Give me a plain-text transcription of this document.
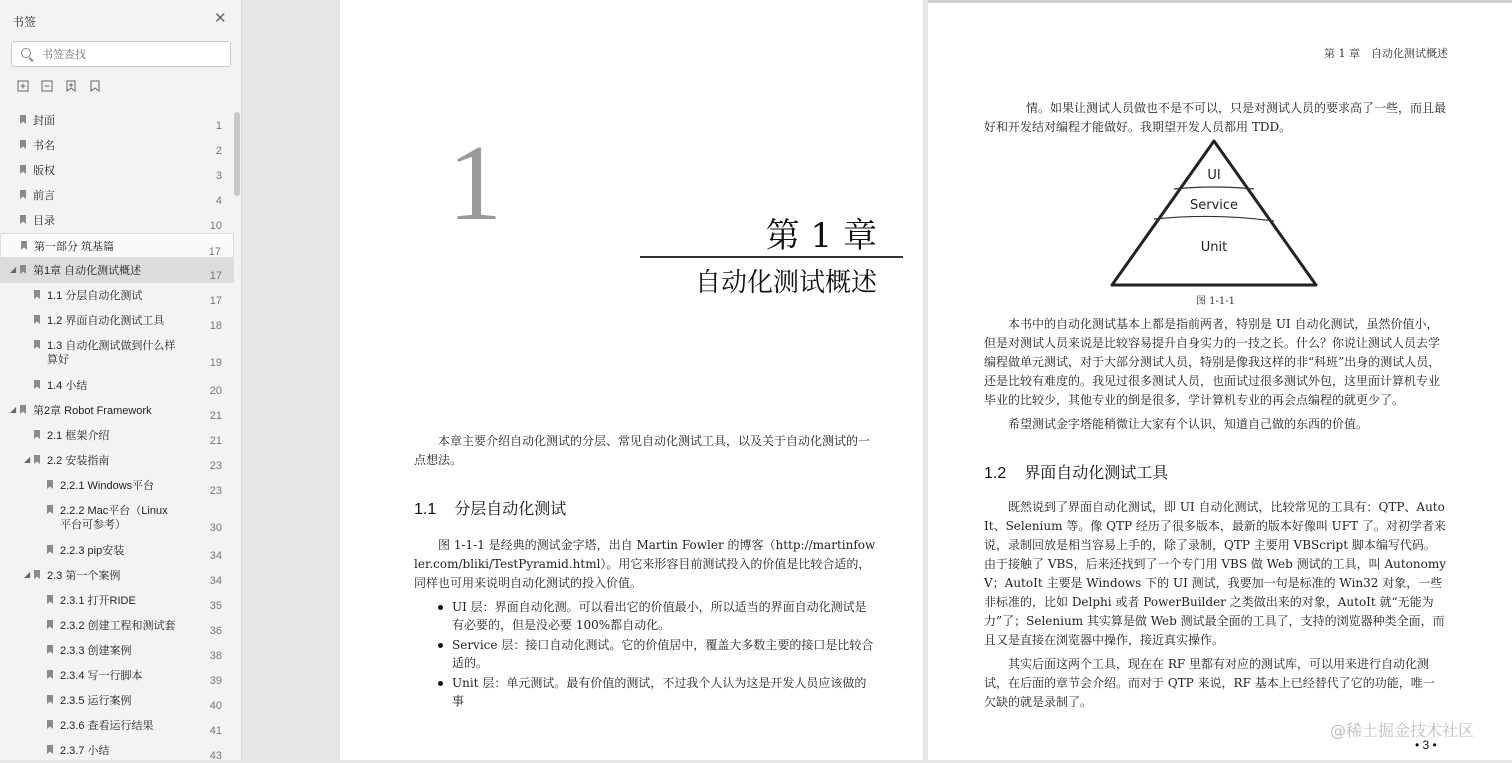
书签	✕
书签查找
封面	1
书名	2
版权	3
前言	4
目录	10
第一部分 筑基篇	17
◢ 第1章 自动化测试概述	17
1.1 分层自动化测试	17
1.2 界面自动化测试工具	18
1.3 自动化测试做到什么样
算好	19
1.4 小结	20
◢ 第2章 Robot Framework	21
2.1 框架介绍	21
◢ 2.2 安装指南	23
2.2.1 Windows平台	23
2.2.2 Mac平台（Linux
平台可参考）	30
2.2.3 pip安装	34
◢ 2.3 第一个案例	34
2.3.1 打开RIDE	35
2.3.2 创建工程和测试套	36
2.3.3 创建案例	38
2.3.4 写一行脚本	39
2.3.5 运行案例	40
2.3.6 查看运行结果	41
2.3.7 小结	43
1	第 1 章
自动化测试概述
本章主要介绍自动化测试的分层、常见自动化测试工具，以及关于自动化测试的一点想法。
1.1 分层自动化测试
图 1-1-1 是经典的测试金字塔，出自 Martin Fowler 的博客（http://martinfowler.com/bliki/TestPyramid.html）。用它来形容目前测试投入的价值是比较合适的，同样也可用来说明自动化测试的投入价值。
UI 层：界面自动化测。可以看出它的价值最小，所以适当的界面自动化测试是有必要的，但是没必要 100%都自动化。
Service 层：接口自动化测试。它的价值居中，覆盖大多数主要的接口是比较合适的。
Unit 层：单元测试。最有价值的测试，不过我个人认为这是开发人员应该做的事
第 1 章　自动化测试概述
情。如果让测试人员做也不是不可以，只是对测试人员的要求高了一些，而且最好和开发结对编程才能做好。我期望开发人员都用 TDD。
UI
Service
Unit
图 1-1-1
本书中的自动化测试基本上都是指前两者，特别是 UI 自动化测试，虽然价值小，但是对测试人员来说是比较容易提升自身实力的一技之长。什么？你说让测试人员去学编程做单元测试，对于大部分测试人员，特别是像我这样的非“科班”出身的测试人员，还是比较有难度的。我见过很多测试人员，也面试过很多测试外包，这里面计算机专业毕业的比较少，其他专业的倒是很多，学计算机专业的再会点编程的就更少了。
希望测试金字塔能稍微让大家有个认识，知道自己做的东西的价值。
1.2 界面自动化测试工具
既然说到了界面自动化测试，即 UI 自动化测试，比较常见的工具有：QTP、AutoIt、Selenium 等。像 QTP 经历了很多版本，最新的版本好像叫 UFT 了。对初学者来说，录制回放是相当容易上手的，除了录制，QTP 主要用 VBScript 脚本编写代码。由于接触了 VBS，后来还找到了一个专门用 VBS 做 Web 测试的工具，叫 AutonomyV；AutoIt 主要是 Windows 下的 UI 测试，我要加一句是标准的 Win32 对象，一些非标准的，比如 Delphi 或者 PowerBuilder 之类做出来的对象，AutoIt 就“无能为力”了；Selenium 其实算是做 Web 测试最全面的工具了，支持的浏览器种类全面，而且又是直接在浏览器中操作，接近真实操作。
其实后面这两个工具，现在在 RF 里都有对应的测试库，可以用来进行自动化测试，在后面的章节会介绍。而对于 QTP 来说，RF 基本上已经替代了它的功能，唯一欠缺的就是录制了。
• 3 •
@稀土掘金技术社区
